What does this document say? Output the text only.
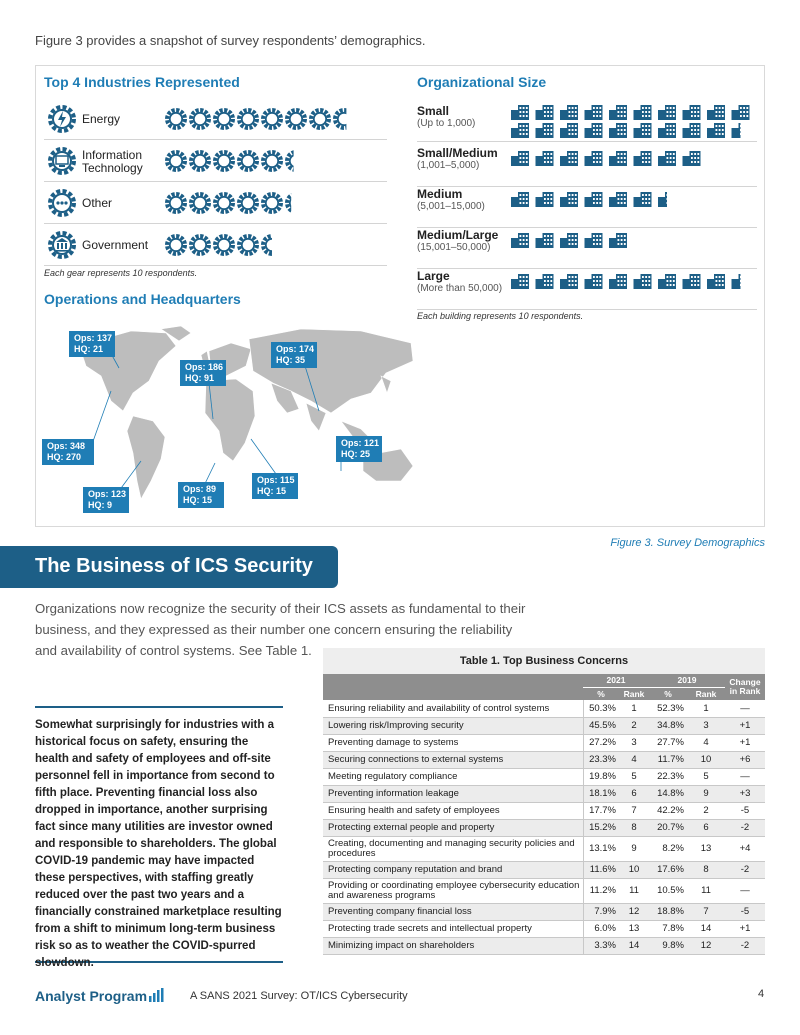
Figure 3 provides a snapshot of survey respondents’ demographics.
Top 4 Industries Represented
Energy
Information Technology
Other
Government
Each gear represents 10 respondents.
Organizational Size
Small
(Up to 1,000)
Small/Medium
(1,001–5,000)
Medium
(5,001–15,000)
Medium/Large
(15,001–50,000)
Large
(More than 50,000)
Each building represents 10 respondents.
Operations and Headquarters
Ops: 137
HQ: 21
Ops: 186
HQ: 91
Ops: 174
HQ: 35
Ops: 348
HQ: 270
Ops: 121
HQ: 25
Ops: 115
HQ: 15
Ops: 89
HQ: 15
Ops: 123
HQ: 9
Figure 3. Survey Demographics
The Business of ICS Security
Organizations now recognize the security of their ICS assets as fundamental to their business, and they expressed as their number one concern ensuring the reliability and availability of control systems. See Table 1.
Somewhat surprisingly for industries with a historical focus on safety, ensuring the health and safety of employees and off-site personnel fell in importance from second to fifth place. Preventing financial loss also dropped in importance, another surprising fact since many utilities are investor owned and responsible to shareholders. The global COVID-19 pandemic may have impacted these perspectives, with staffing greatly reduced over the past two years and a financially constrained marketplace resulting from a shift to minimum long-term business risk so as to weather the COVID-spurred slowdown.
Table 1. Top Business Concerns
	2021		2019		Change in Rank
	%	Rank	%	Rank	
Ensuring reliability and availability of control systems	50.3%	1	52.3%	1	—
Lowering risk/Improving security	45.5%	2	34.8%	3	+1
Preventing damage to systems	27.2%	3	27.7%	4	+1
Securing connections to external systems	23.3%	4	11.7%	10	+6
Meeting regulatory compliance	19.8%	5	22.3%	5	—
Preventing information leakage	18.1%	6	14.8%	9	+3
Ensuring health and safety of employees	17.7%	7	42.2%	2	-5
Protecting external people and property	15.2%	8	20.7%	6	-2
Creating, documenting and managing security policies and procedures	13.1%	9	8.2%	13	+4
Protecting company reputation and brand	11.6%	10	17.6%	8	-2
Providing or coordinating employee cybersecurity education and awareness programs	11.2%	11	10.5%	11	—
Preventing company financial loss	7.9%	12	18.8%	7	-5
Protecting trade secrets and intellectual property	6.0%	13	7.8%	14	+1
Minimizing impact on shareholders	3.3%	14	9.8%	12	-2
Analyst Program	A SANS 2021 Survey: OT/ICS Cybersecurity	4
